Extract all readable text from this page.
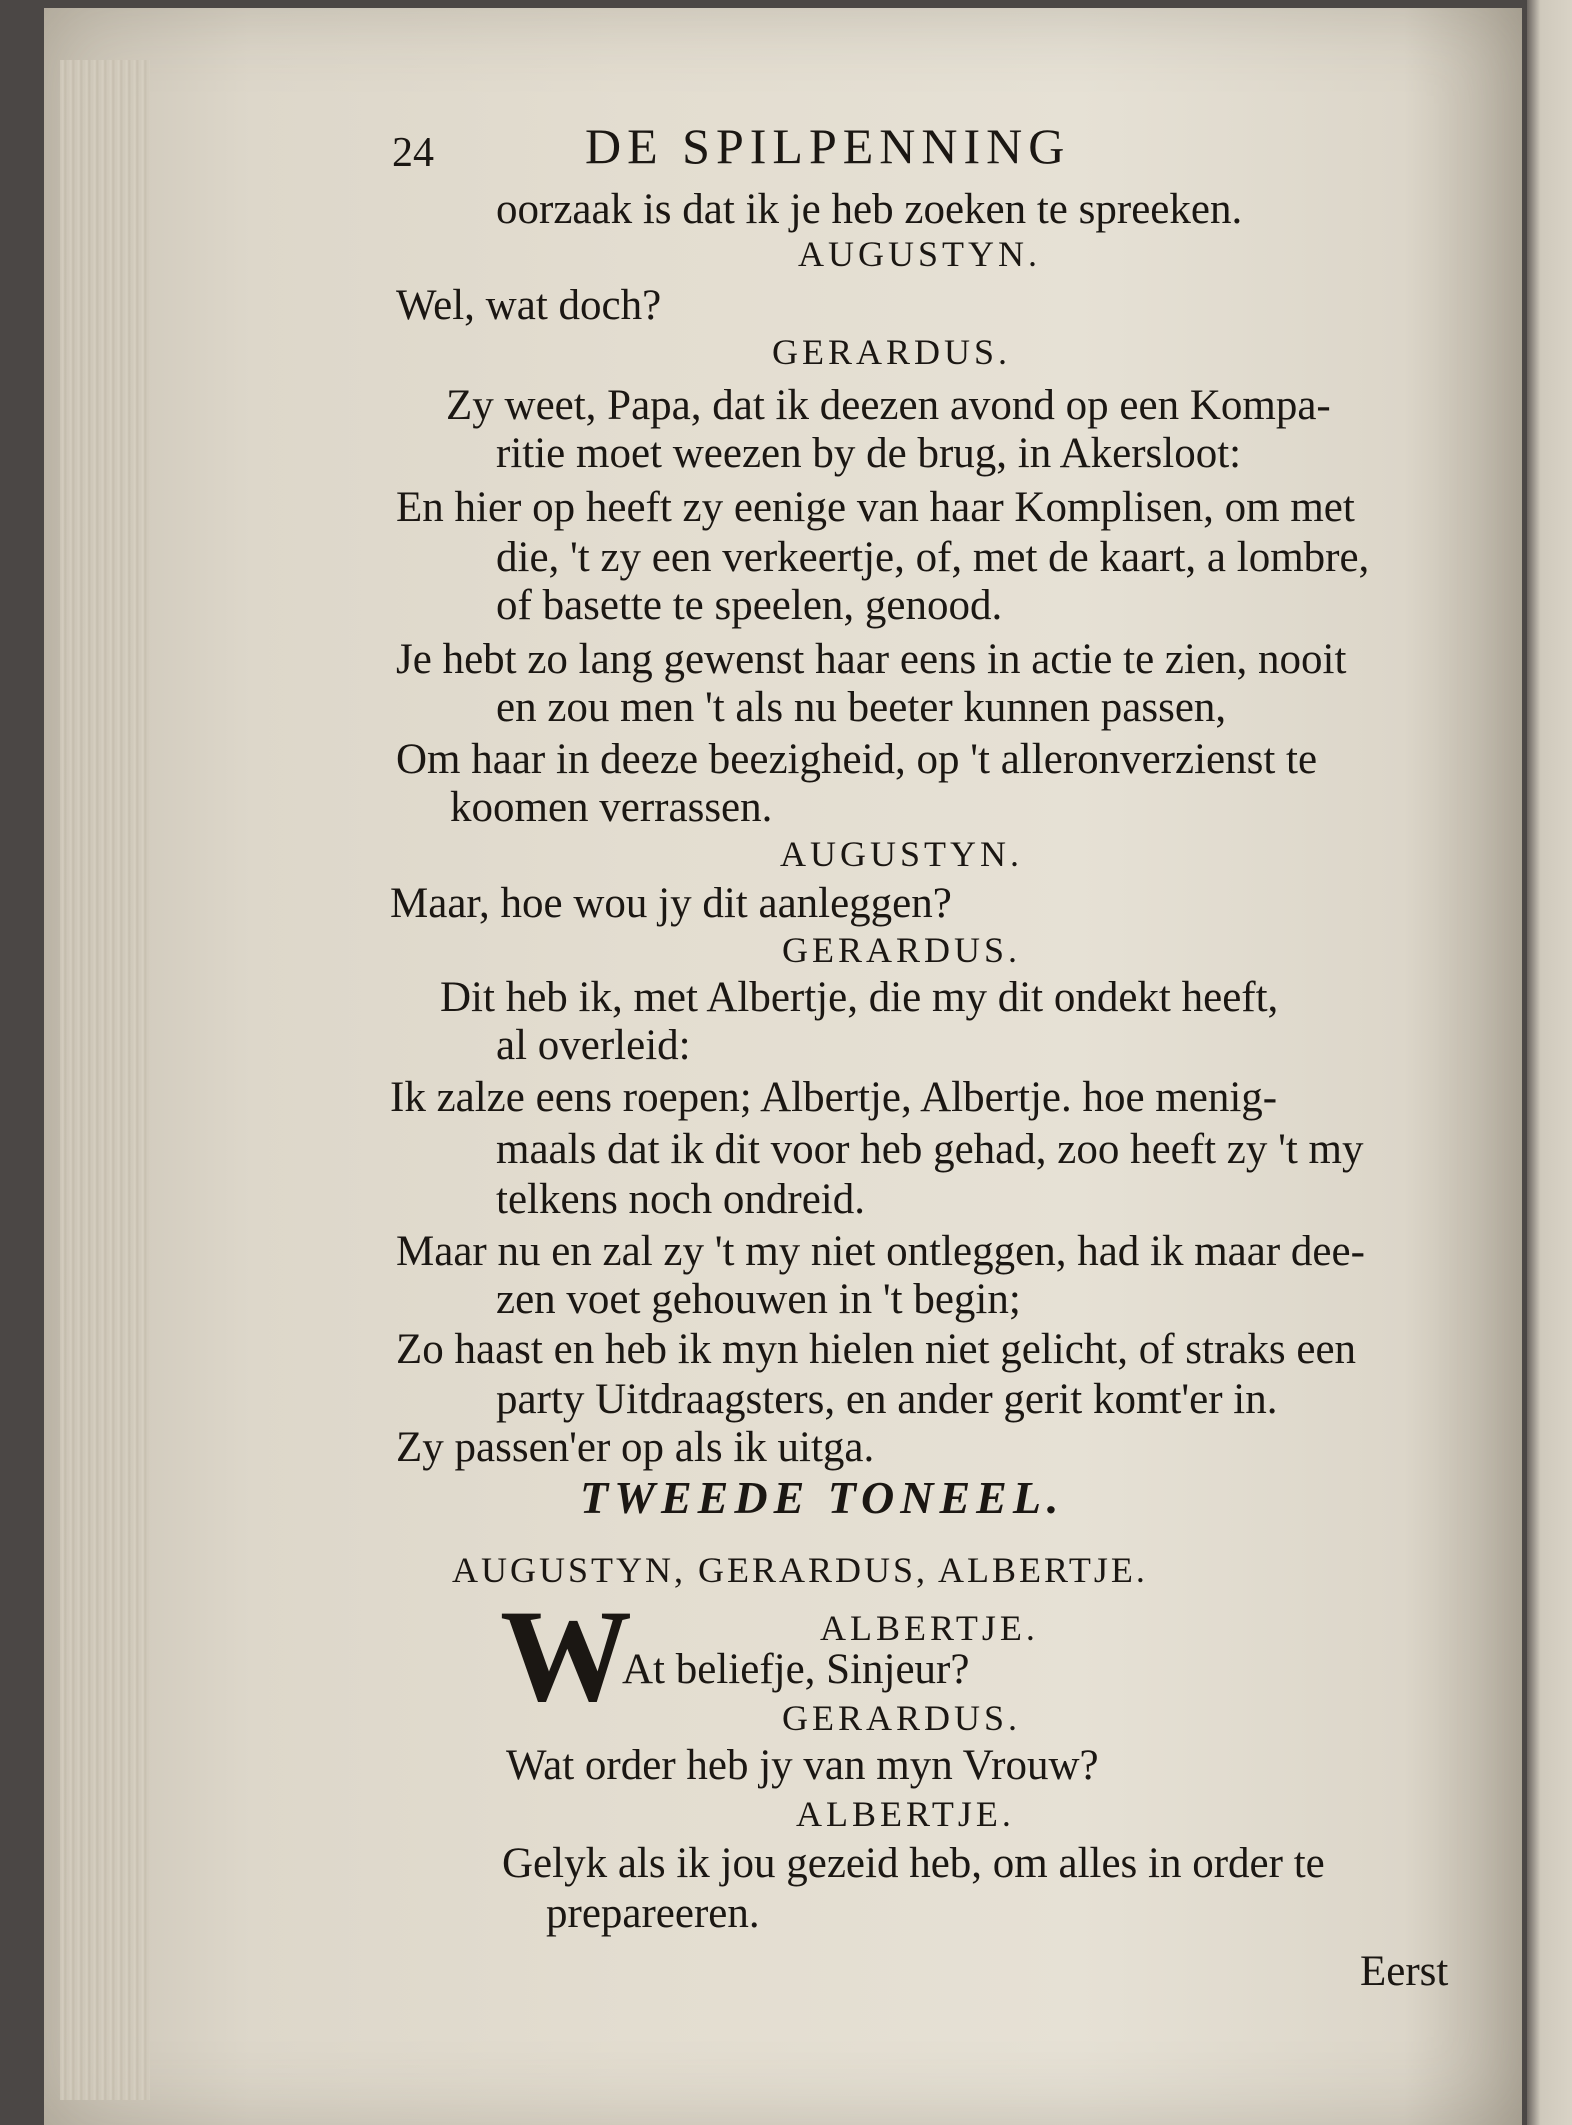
24	DE SPILPENNING
oorzaak is dat ik je heb zoeken te spreeken.
AUGUSTYN.
Wel, wat doch?
GERARDUS.
Zy weet, Papa, dat ik deezen avond op een Kompa-
ritie moet weezen by de brug, in Akersloot:
En hier op heeft zy eenige van haar Komplisen, om met
die, 't zy een verkeertje, of, met de kaart, a lombre,
of basette te speelen, genood.
Je hebt zo lang gewenst haar eens in actie te zien, nooit
en zou men 't als nu beeter kunnen passen,
Om haar in deeze beezigheid, op 't alleronverzienst te
koomen verrassen.
AUGUSTYN.
Maar, hoe wou jy dit aanleggen?
GERARDUS.
Dit heb ik, met Albertje, die my dit ondekt heeft,
al overleid:
Ik zalze eens roepen; Albertje, Albertje. hoe menig-
maals dat ik dit voor heb gehad, zoo heeft zy 't my
telkens noch ondreid.
Maar nu en zal zy 't my niet ontleggen, had ik maar dee-
zen voet gehouwen in 't begin;
Zo haast en heb ik myn hielen niet gelicht, of straks een
party Uitdraagsters, en ander gerit komt'er in.
Zy passen'er op als ik uitga.
TWEEDE TONEEL.
AUGUSTYN, GERARDUS, ALBERTJE.
W	ALBERTJE.
At beliefje, Sinjeur?
GERARDUS.
Wat order heb jy van myn Vrouw?
ALBERTJE.
Gelyk als ik jou gezeid heb, om alles in order te
prepareeren.
Eerst
